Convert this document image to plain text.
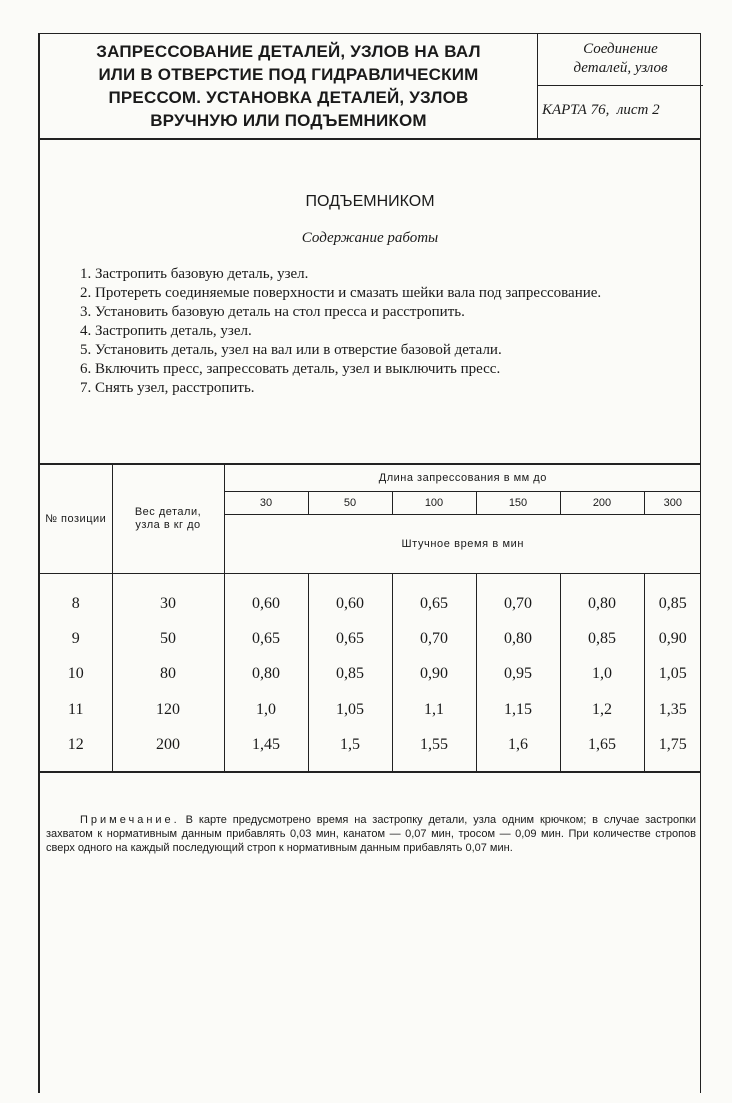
ЗАПРЕССОВАНИЕ ДЕТАЛЕЙ, УЗЛОВ НА ВАЛ
ИЛИ В ОТВЕРСТИЕ ПОД ГИДРАВЛИЧЕСКИМ
ПРЕССОМ. УСТАНОВКА ДЕТАЛЕЙ, УЗЛОВ
ВРУЧНУЮ ИЛИ ПОДЪЕМНИКОМ
Соединение
деталей, узлов
КАРТА 76, лист 2
ПОДЪЕМНИКОМ
Содержание работы

1. Застропить базовую деталь, узел.

2. Протереть соединяемые поверхности и смазать шейки вала под запрессование.

3. Установить базовую деталь на стол пресса и расстропить.

4. Застропить деталь, узел.

5. Установить деталь, узел на вал или в отверстие базовой детали.

6. Включить пресс, запрессовать деталь, узел и выключить пресс.

7. Снять узел, расстропить.

№ позиции	Вес детали, узла в кг до	Длина запрессования в мм до					
		30	50	100	150	200	300
		Штучное время в мин					
8	30	0,60	0,60	0,65	0,70	0,80	0,85
9	50	0,65	0,65	0,70	0,80	0,85	0,90
10	80	0,80	0,85	0,90	0,95	1,0	1,05
11	120	1,0	1,05	1,1	1,15	1,2	1,35
12	200	1,45	1,5	1,55	1,6	1,65	1,75
Примечание. В карте предусмотрено время на застропку детали, узла одним крючком; в случае застропки захватом к нормативным данным прибавлять 0,03 мин, канатом — 0,07 мин, тросом — 0,09 мин. При количестве стропов сверх одного на каждый последующий строп к нормативным данным прибавлять 0,07 мин.
